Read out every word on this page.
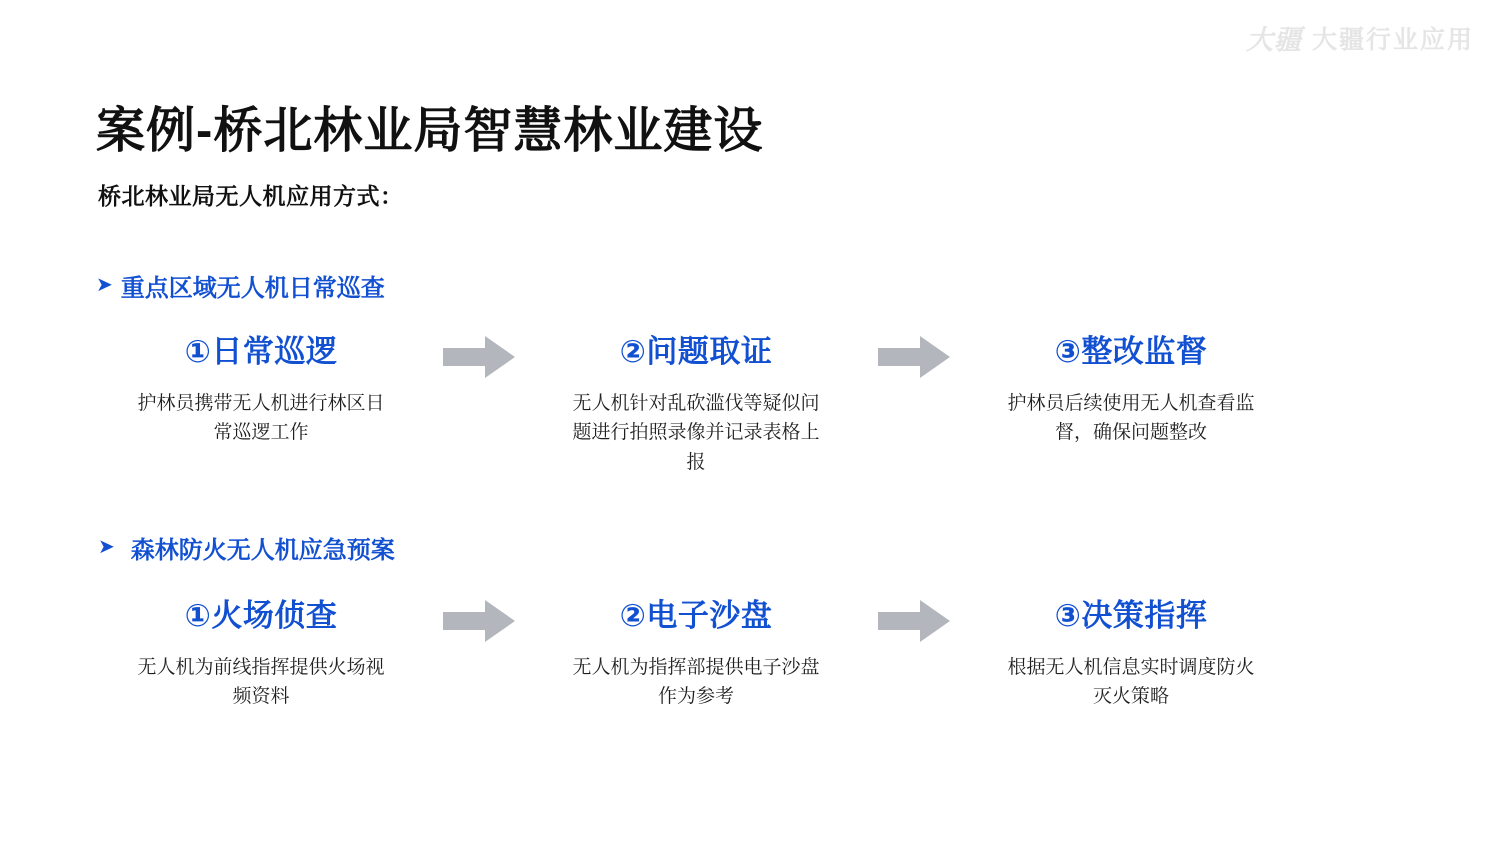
大疆 大疆行业应用
案例-桥北林业局智慧林业建设
桥北林业局无人机应用方式：
➤ 重点区域无人机日常巡查
①日常巡逻
护林员携带无人机进行林区日常巡逻工作
②问题取证
无人机针对乱砍滥伐等疑似问题进行拍照录像并记录表格上报
③整改监督
护林员后续使用无人机查看监督，确保问题整改
➤ 森林防火无人机应急预案
①火场侦查
无人机为前线指挥提供火场视频资料
②电子沙盘
无人机为指挥部提供电子沙盘作为参考
③决策指挥
根据无人机信息实时调度防火灭火策略
